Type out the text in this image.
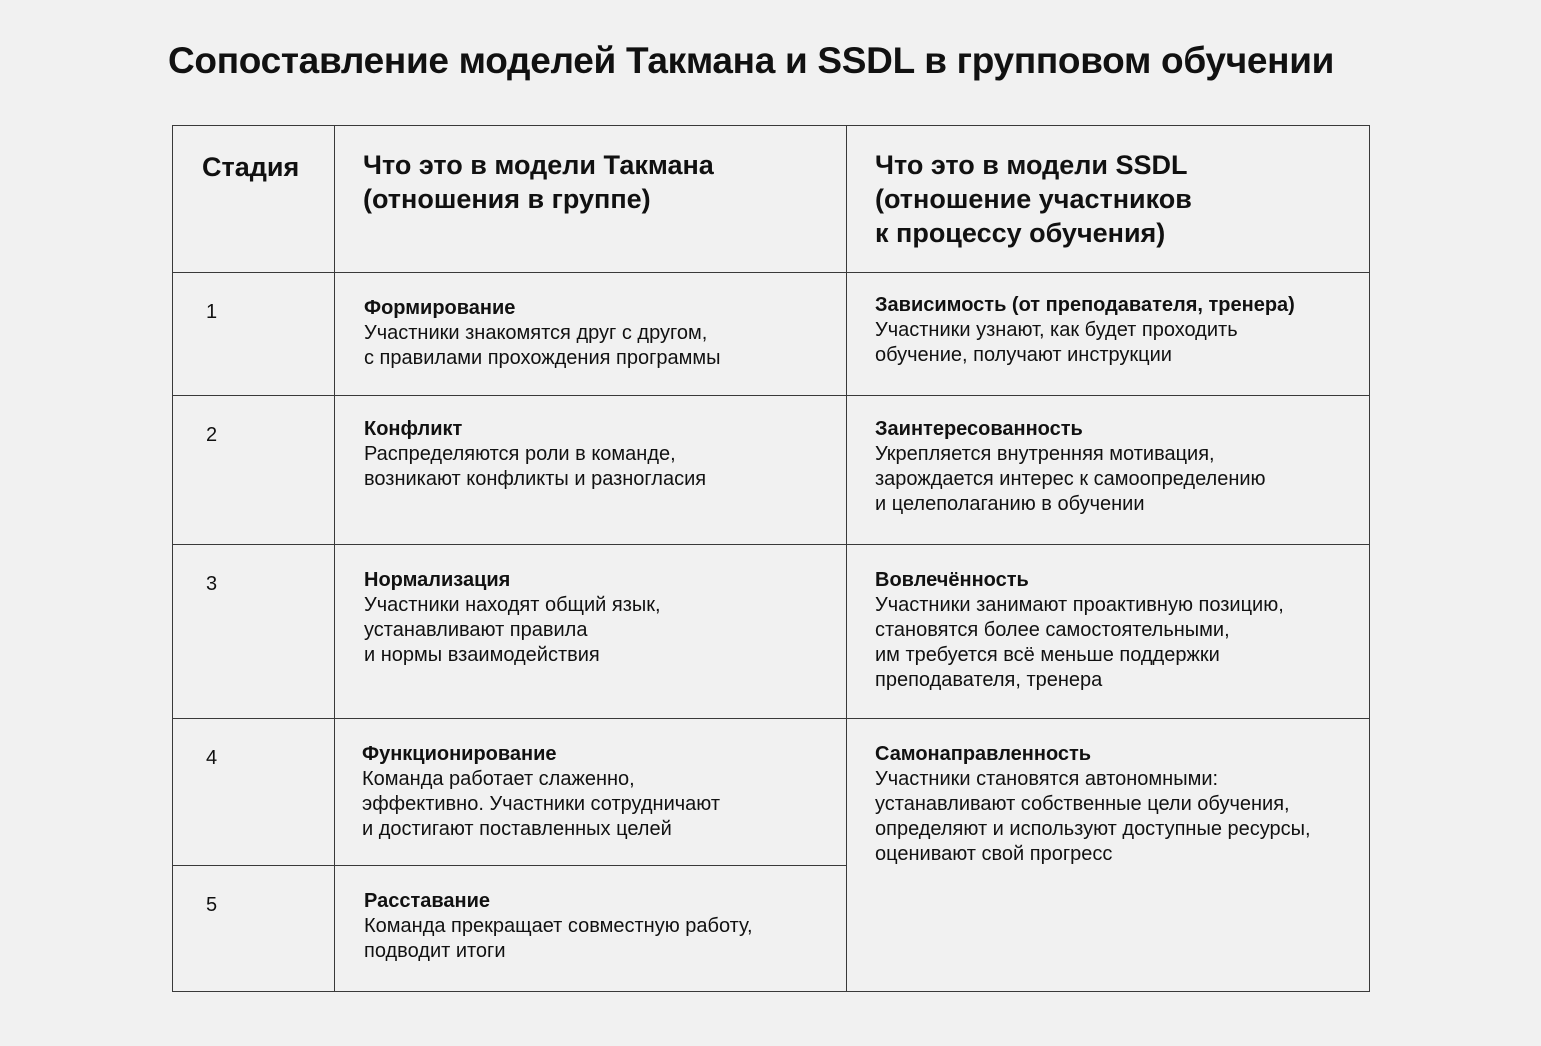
Сопоставление моделей Такмана и SSDL в групповом обучении
Стадия	Что это в модели Такмана
(отношения в группе)	Что это в модели SSDL
(отношение участников
к процессу обучения)

1	Формирование
Участники знакомятся друг с другом,
с правилами прохождения программы	Зависимость (от преподавателя, тренера)
Участники узнают, как будет проходить
обучение, получают инструкции

2	Конфликт
Распределяются роли в команде,
возникают конфликты и разногласия	Заинтересованность
Укрепляется внутренняя мотивация,
зарождается интерес к самоопределению
и целеполаганию в обучении

3	Нормализация
Участники находят общий язык,
устанавливают правила
и нормы взаимодействия	Вовлечённость
Участники занимают проактивную позицию,
становятся более самостоятельными,
им требуется всё меньше поддержки
преподавателя, тренера

4	Функционирование
Команда работает слаженно,
эффективно. Участники сотрудничают
и достигают поставленных целей	Самонаправленность
Участники становятся автономными:
устанавливают собственные цели обучения,
определяют и используют доступные ресурсы,
оценивают свой прогресс

5	Расставание
Команда прекращает совместную работу,
подводит итоги	
